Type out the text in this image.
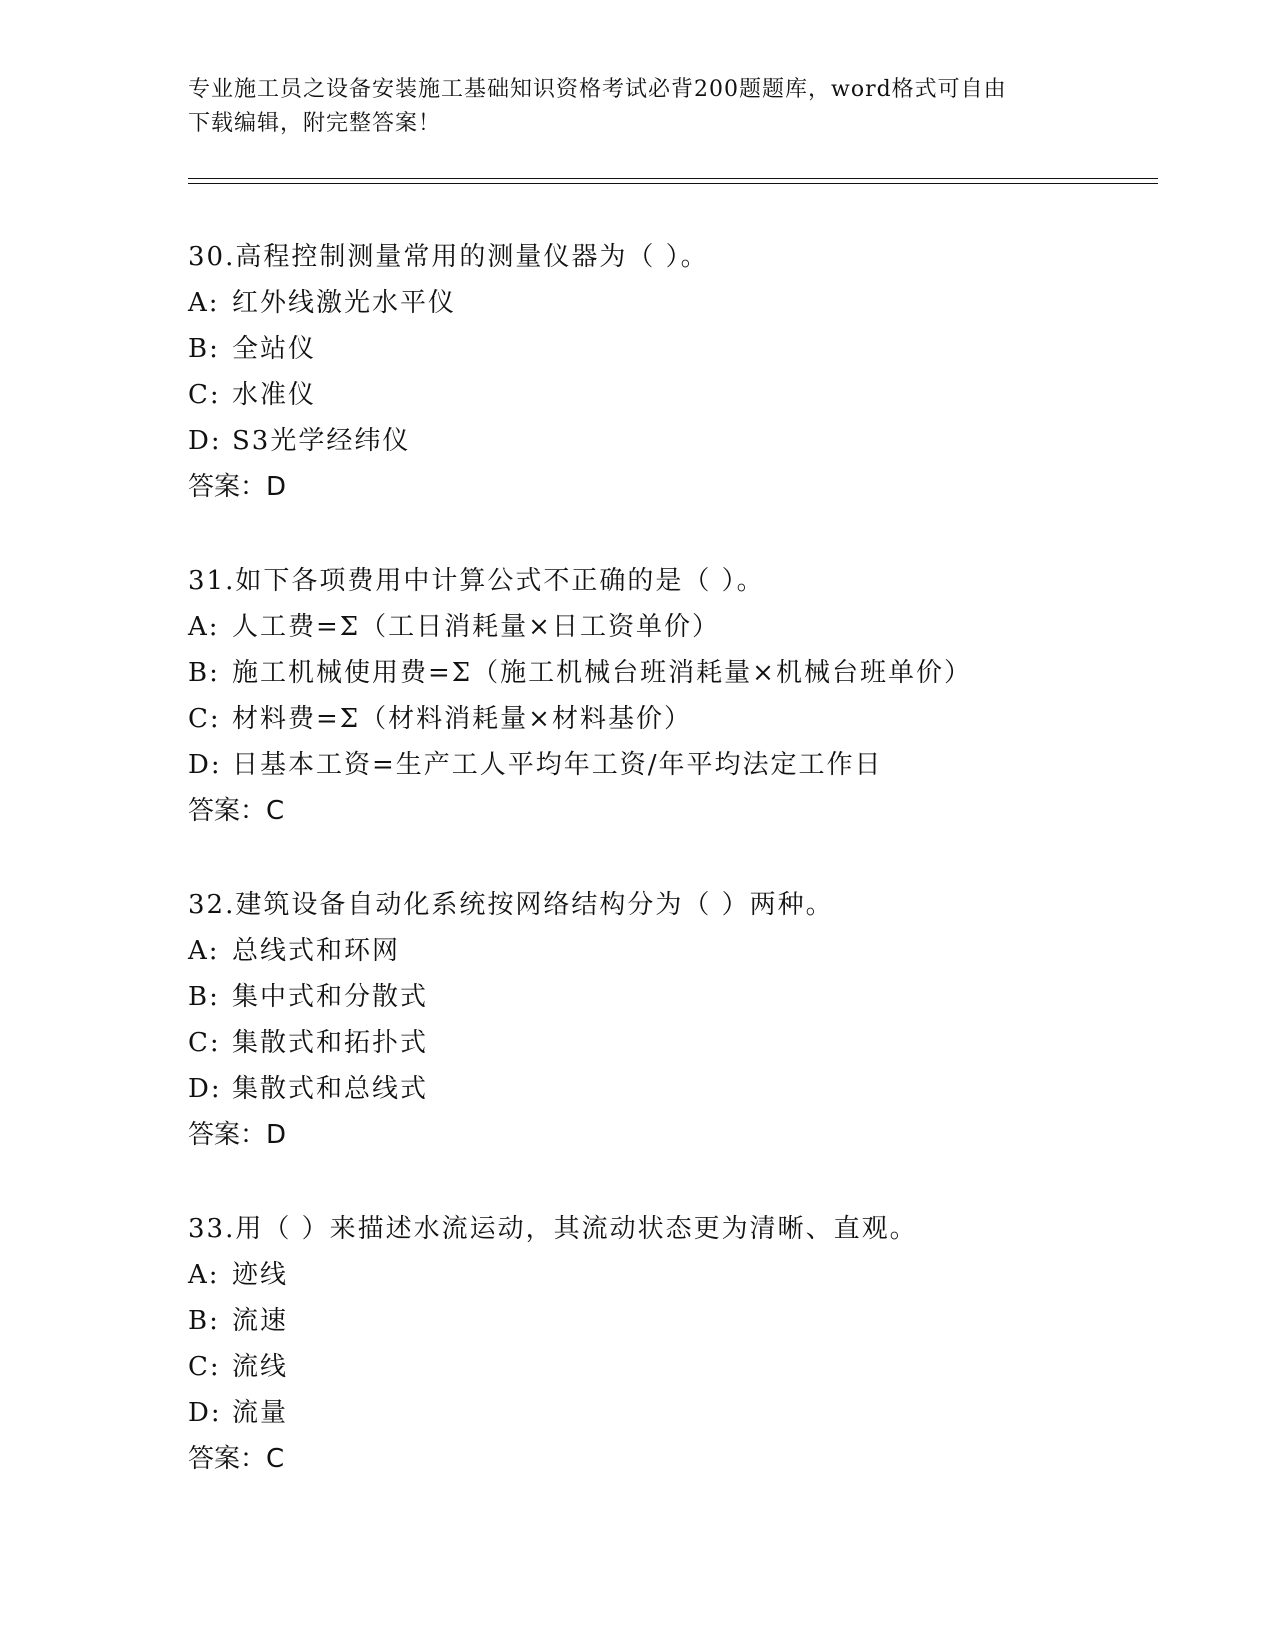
专业施工员之设备安装施工基础知识资格考试必背200题题库，word格式可自由
下载编辑，附完整答案！
30.高程控制测量常用的测量仪器为（ ）。
A: 红外线激光水平仪
B: 全站仪
C: 水准仪
D: S3光学经纬仪
答案：D
31.如下各项费用中计算公式不正确的是（ ）。
A: 人工费=Σ（工日消耗量×日工资单价）
B: 施工机械使用费=Σ（施工机械台班消耗量×机械台班单价）
C: 材料费=Σ（材料消耗量×材料基价）
D: 日基本工资=生产工人平均年工资/年平均法定工作日
答案：C
32.建筑设备自动化系统按网络结构分为（ ）两种。
A: 总线式和环网
B: 集中式和分散式
C: 集散式和拓扑式
D: 集散式和总线式
答案：D
33.用（ ）来描述水流运动，其流动状态更为清晰、直观。
A: 迹线
B: 流速
C: 流线
D: 流量
答案：C
